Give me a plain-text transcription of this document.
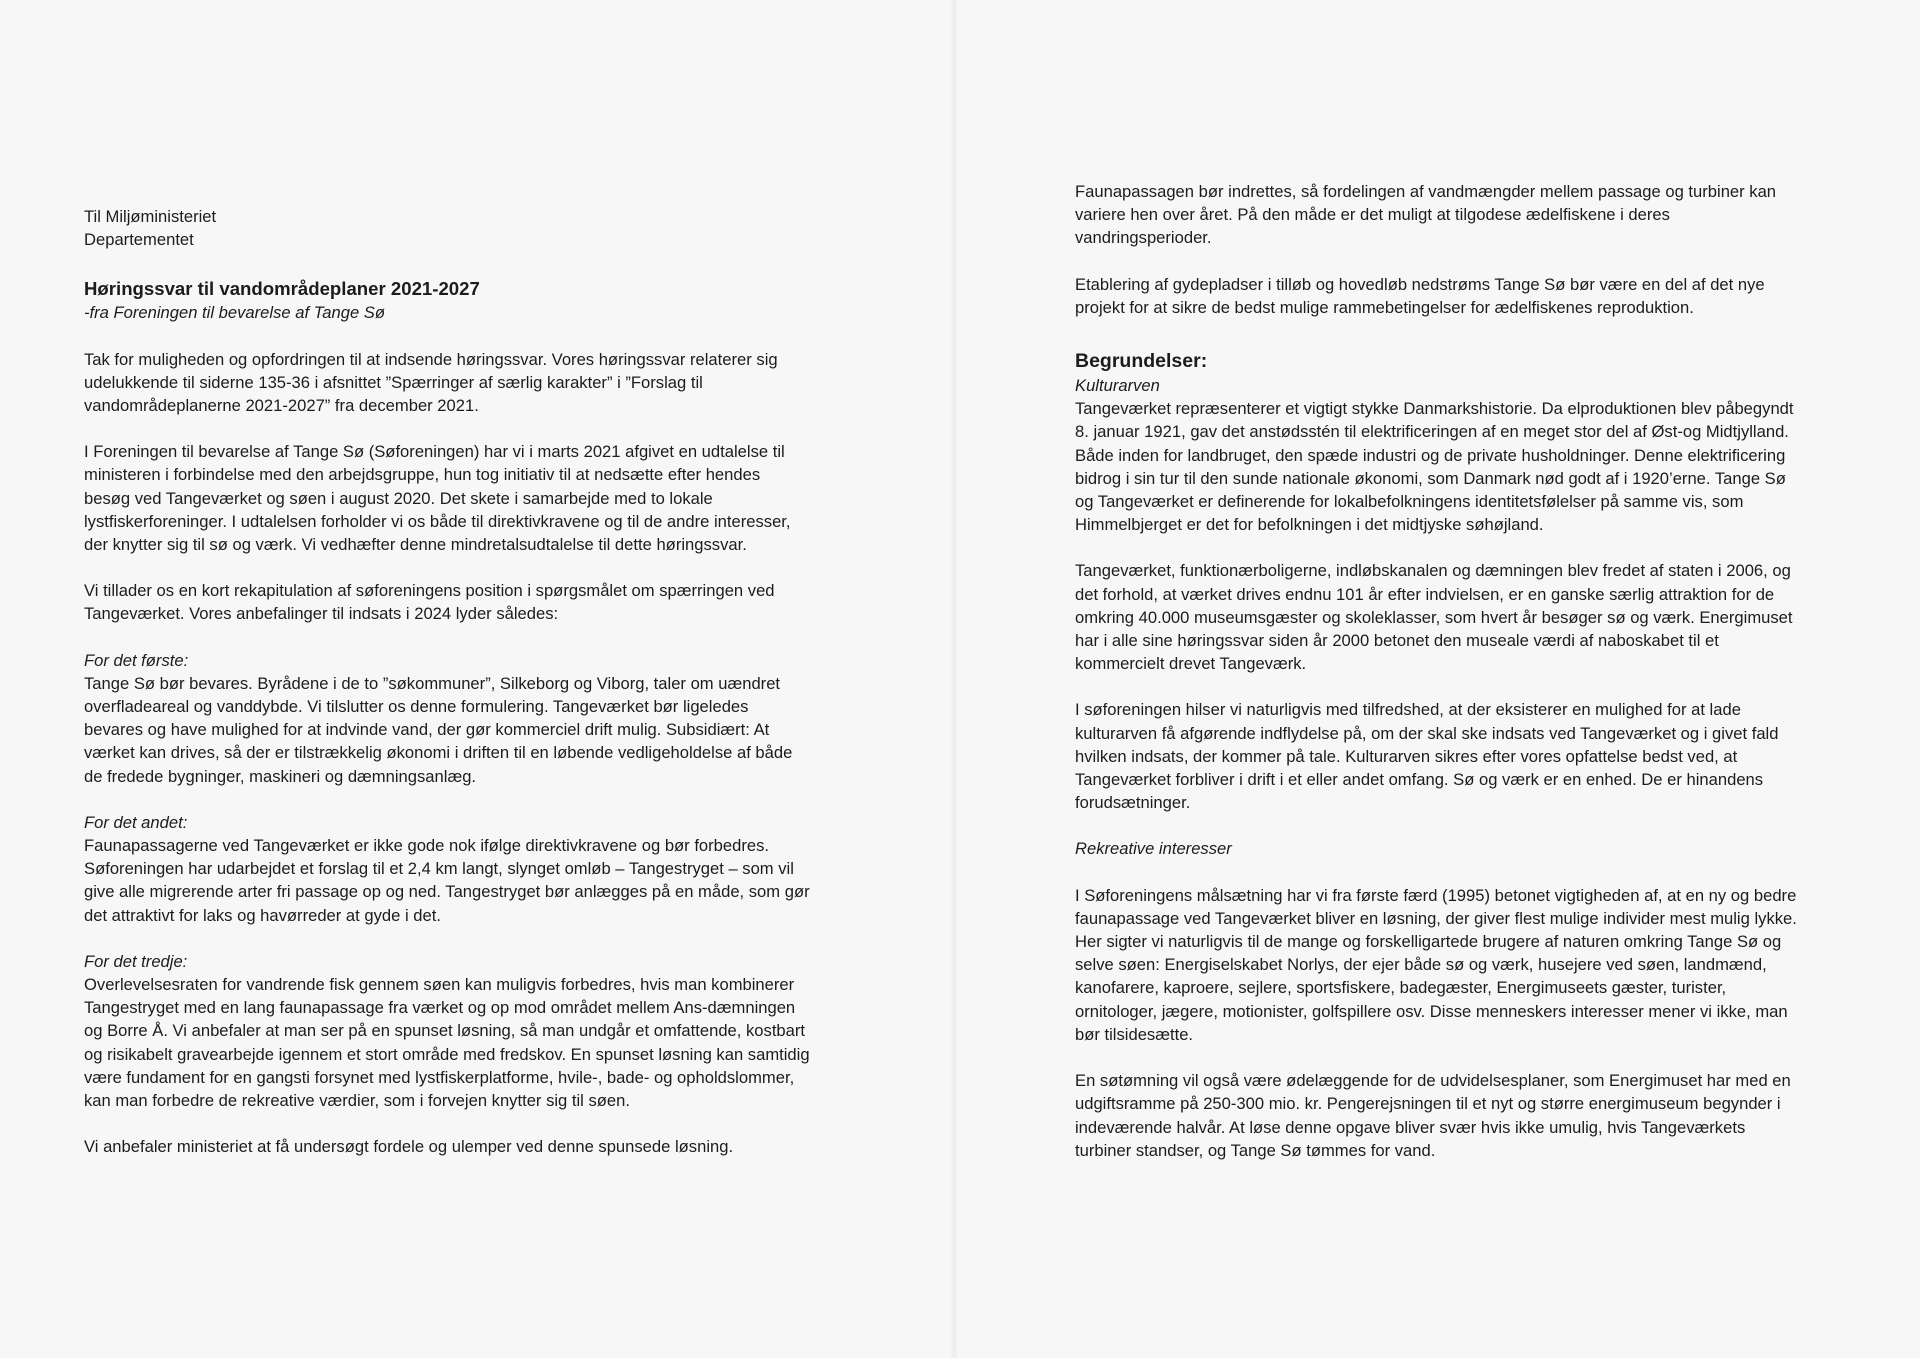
Til Miljøministeriet
Departementet
Høringssvar til vandområdeplaner 2021-2027
-fra Foreningen til bevarelse af Tange Sø
Tak for muligheden og opfordringen til at indsende høringssvar. Vores høringssvar relaterer sig
udelukkende til siderne 135-36 i afsnittet ”Spærringer af særlig karakter” i ”Forslag til
vandområdeplanerne 2021-2027” fra december 2021.
I Foreningen til bevarelse af Tange Sø (Søforeningen) har vi i marts 2021 afgivet en udtalelse til
ministeren i forbindelse med den arbejdsgruppe, hun tog initiativ til at nedsætte efter hendes
besøg ved Tangeværket og søen i august 2020. Det skete i samarbejde med to lokale
lystfiskerforeninger. I udtalelsen forholder vi os både til direktivkravene og til de andre interesser,
der knytter sig til sø og værk. Vi vedhæfter denne mindretalsudtalelse til dette høringssvar.
Vi tillader os en kort rekapitulation af søforeningens position i spørgsmålet om spærringen ved
Tangeværket. Vores anbefalinger til indsats i 2024 lyder således:
For det første:
Tange Sø bør bevares. Byrådene i de to ”søkommuner”, Silkeborg og Viborg, taler om uændret
overfladeareal og vanddybde. Vi tilslutter os denne formulering. Tangeværket bør ligeledes
bevares og have mulighed for at indvinde vand, der gør kommerciel drift mulig. Subsidiært: At
værket kan drives, så der er tilstrækkelig økonomi i driften til en løbende vedligeholdelse af både
de fredede bygninger, maskineri og dæmningsanlæg.
For det andet:
Faunapassagerne ved Tangeværket er ikke gode nok ifølge direktivkravene og bør forbedres.
Søforeningen har udarbejdet et forslag til et 2,4 km langt, slynget omløb – Tangestryget – som vil
give alle migrerende arter fri passage op og ned. Tangestryget bør anlægges på en måde, som gør
det attraktivt for laks og havørreder at gyde i det.
For det tredje:
Overlevelsesraten for vandrende fisk gennem søen kan muligvis forbedres, hvis man kombinerer
Tangestryget med en lang faunapassage fra værket og op mod området mellem Ans-dæmningen
og Borre Å. Vi anbefaler at man ser på en spunset løsning, så man undgår et omfattende, kostbart
og risikabelt gravearbejde igennem et stort område med fredskov. En spunset løsning kan samtidig
være fundament for en gangsti forsynet med lystfiskerplatforme, hvile-, bade- og opholdslommer,
kan man forbedre de rekreative værdier, som i forvejen knytter sig til søen.
Vi anbefaler ministeriet at få undersøgt fordele og ulemper ved denne spunsede løsning.
Faunapassagen bør indrettes, så fordelingen af vandmængder mellem passage og turbiner kan
variere hen over året. På den måde er det muligt at tilgodese ædelfiskene i deres
vandringsperioder.
Etablering af gydepladser i tilløb og hovedløb nedstrøms Tange Sø bør være en del af det nye
projekt for at sikre de bedst mulige rammebetingelser for ædelfiskenes reproduktion.
Begrundelser:
Kulturarven
Tangeværket repræsenterer et vigtigt stykke Danmarkshistorie. Da elproduktionen blev påbegyndt
8. januar 1921, gav det anstødsstén til elektrificeringen af en meget stor del af Øst-og Midtjylland.
Både inden for landbruget, den spæde industri og de private husholdninger. Denne elektrificering
bidrog i sin tur til den sunde nationale økonomi, som Danmark nød godt af i 1920’erne. Tange Sø
og Tangeværket er definerende for lokalbefolkningens identitetsfølelser på samme vis, som
Himmelbjerget er det for befolkningen i det midtjyske søhøjland.
Tangeværket, funktionærboligerne, indløbskanalen og dæmningen blev fredet af staten i 2006, og
det forhold, at værket drives endnu 101 år efter indvielsen, er en ganske særlig attraktion for de
omkring 40.000 museumsgæster og skoleklasser, som hvert år besøger sø og værk. Energimuset
har i alle sine høringssvar siden år 2000 betonet den museale værdi af naboskabet til et
kommercielt drevet Tangeværk.
I søforeningen hilser vi naturligvis med tilfredshed, at der eksisterer en mulighed for at lade
kulturarven få afgørende indflydelse på, om der skal ske indsats ved Tangeværket og i givet fald
hvilken indsats, der kommer på tale. Kulturarven sikres efter vores opfattelse bedst ved, at
Tangeværket forbliver i drift i et eller andet omfang. Sø og værk er en enhed. De er hinandens
forudsætninger.
Rekreative interesser
I Søforeningens målsætning har vi fra første færd (1995) betonet vigtigheden af, at en ny og bedre
faunapassage ved Tangeværket bliver en løsning, der giver flest mulige individer mest mulig lykke.
Her sigter vi naturligvis til de mange og forskelligartede brugere af naturen omkring Tange Sø og
selve søen: Energiselskabet Norlys, der ejer både sø og værk, husejere ved søen, landmænd,
kanofarere, kaproere, sejlere, sportsfiskere, badegæster, Energimuseets gæster, turister,
ornitologer, jægere, motionister, golfspillere osv. Disse menneskers interesser mener vi ikke, man
bør tilsidesætte.
En søtømning vil også være ødelæggende for de udvidelsesplaner, som Energimuset har med en
udgiftsramme på 250-300 mio. kr. Pengerejsningen til et nyt og større energimuseum begynder i
indeværende halvår. At løse denne opgave bliver svær hvis ikke umulig, hvis Tangeværkets
turbiner standser, og Tange Sø tømmes for vand.
